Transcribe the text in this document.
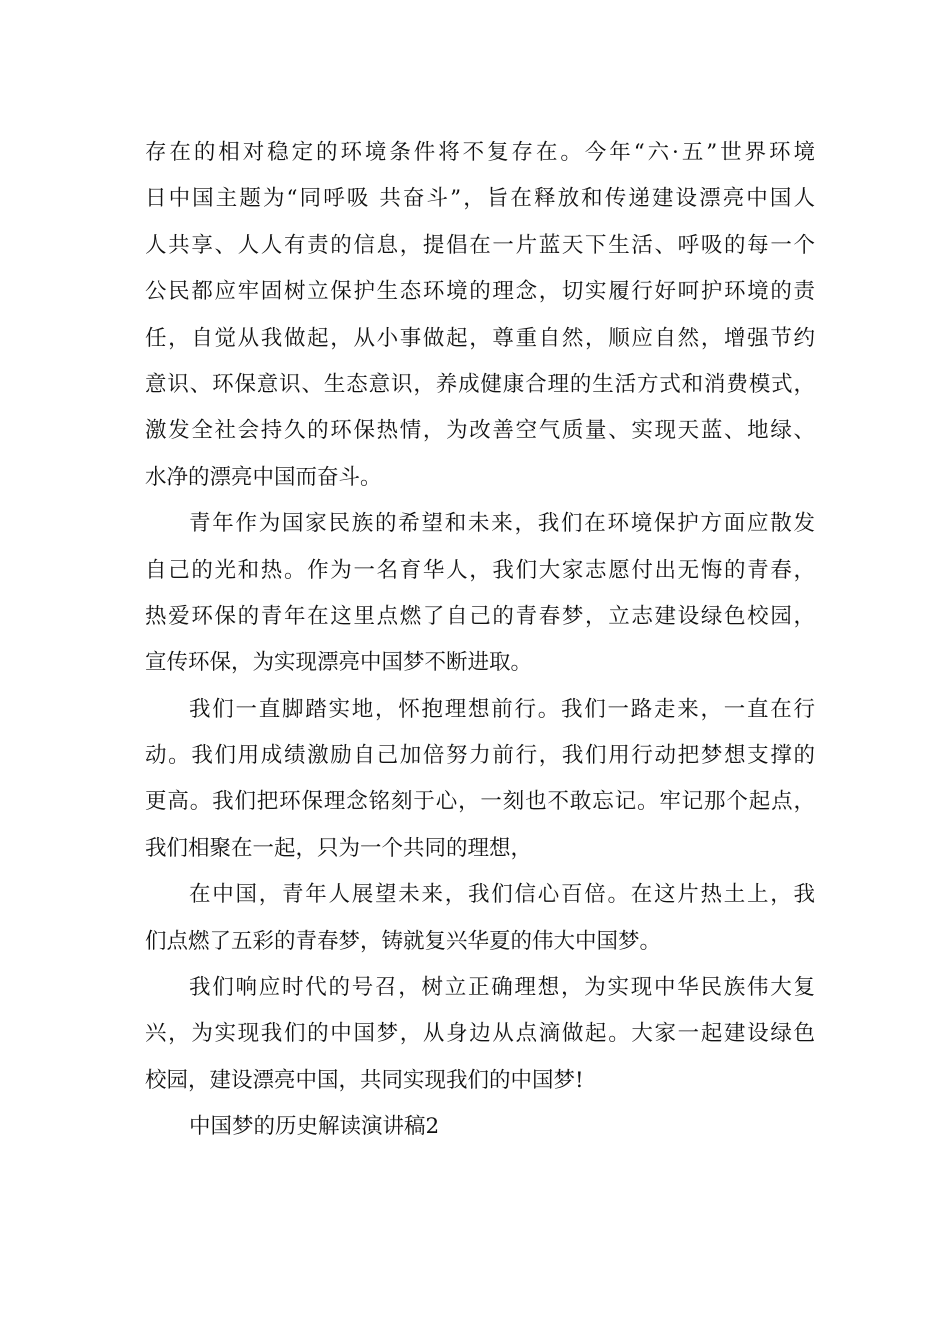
存在的相对稳定的环境条件将不复存在。今年“六·五”世界环境
日中国主题为“同呼吸 共奋斗”，旨在释放和传递建设漂亮中国人
人共享、人人有责的信息，提倡在一片蓝天下生活、呼吸的每一个
公民都应牢固树立保护生态环境的理念，切实履行好呵护环境的责
任，自觉从我做起，从小事做起，尊重自然，顺应自然，增强节约
意识、环保意识、生态意识，养成健康合理的生活方式和消费模式，
激发全社会持久的环保热情，为改善空气质量、实现天蓝、地绿、
水净的漂亮中国而奋斗。
青年作为国家民族的希望和未来，我们在环境保护方面应散发
自己的光和热。作为一名育华人，我们大家志愿付出无悔的青春，
热爱环保的青年在这里点燃了自己的青春梦，立志建设绿色校园，
宣传环保，为实现漂亮中国梦不断进取。
我们一直脚踏实地，怀抱理想前行。我们一路走来，一直在行
动。我们用成绩激励自己加倍努力前行，我们用行动把梦想支撑的
更高。我们把环保理念铭刻于心，一刻也不敢忘记。牢记那个起点，
我们相聚在一起，只为一个共同的理想，
在中国，青年人展望未来，我们信心百倍。在这片热土上，我
们点燃了五彩的青春梦，铸就复兴华夏的伟大中国梦。
我们响应时代的号召，树立正确理想，为实现中华民族伟大复
兴，为实现我们的中国梦，从身边从点滴做起。大家一起建设绿色
校园，建设漂亮中国，共同实现我们的中国梦!
中国梦的历史解读演讲稿2
